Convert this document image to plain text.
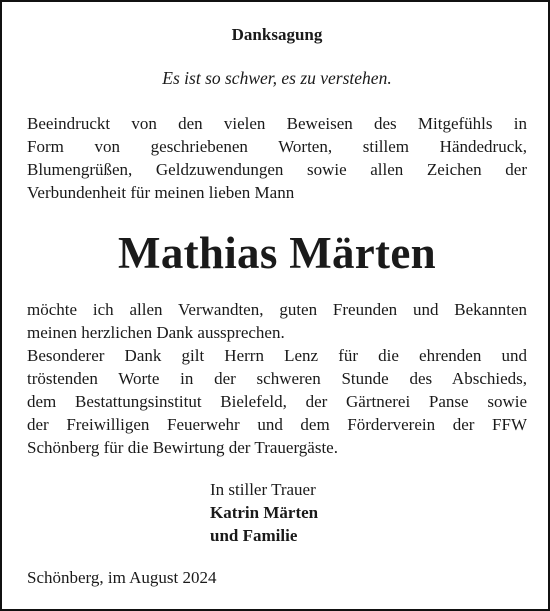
Danksagung
Es ist so schwer, es zu verstehen.
Beeindruckt von den vielen Beweisen des Mitgefühls in
Form von geschriebenen Worten, stillem Händedruck,
Blumengrüßen, Geldzuwendungen sowie allen Zeichen der
Verbundenheit für meinen lieben Mann
Mathias Märten
möchte ich allen Verwandten, guten Freunden und Bekannten
meinen herzlichen Dank aussprechen.
Besonderer Dank gilt Herrn Lenz für die ehrenden und
tröstenden Worte in der schweren Stunde des Abschieds,
dem Bestattungsinstitut Bielefeld, der Gärtnerei Panse sowie
der Freiwilligen Feuerwehr und dem Förderverein der FFW
Schönberg für die Bewirtung der Trauergäste.
In stiller Trauer
Katrin Märten
und Familie
Schönberg, im August 2024
